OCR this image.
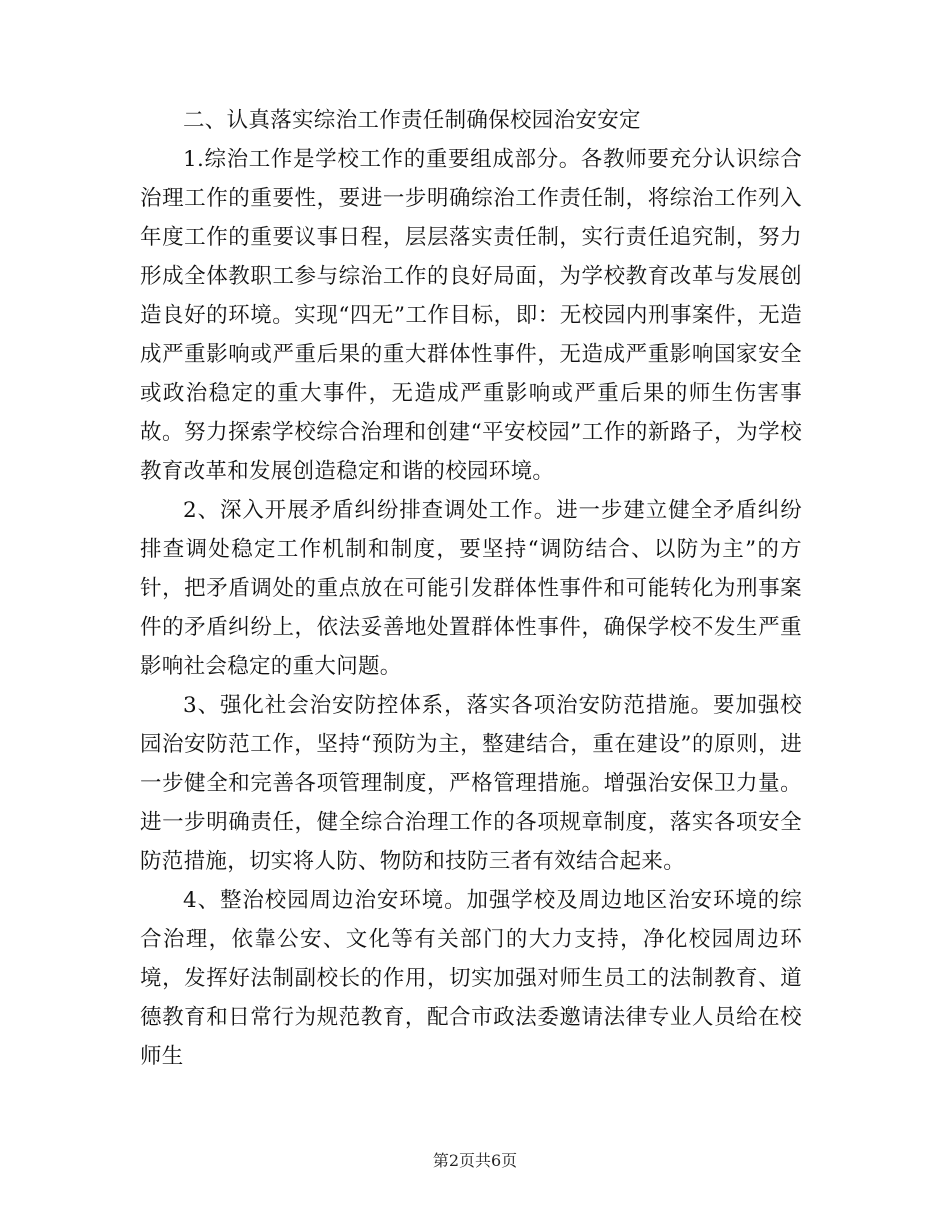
二、认真落实综治工作责任制确保校园治安安定

1.综治工作是学校工作的重要组成部分。各教师要充分认识综合治理工作的重要性，要进一步明确综治工作责任制，将综治工作列入年度工作的重要议事日程，层层落实责任制，实行责任追究制，努力形成全体教职工参与综治工作的良好局面，为学校教育改革与发展创造良好的环境。实现“四无”工作目标，即：无校园内刑事案件，无造成严重影响或严重后果的重大群体性事件，无造成严重影响国家安全或政治稳定的重大事件，无造成严重影响或严重后果的师生伤害事故。努力探索学校综合治理和创建“平安校园”工作的新路子，为学校教育改革和发展创造稳定和谐的校园环境。

2、深入开展矛盾纠纷排查调处工作。进一步建立健全矛盾纠纷排查调处稳定工作机制和制度，要坚持“调防结合、以防为主”的方针，把矛盾调处的重点放在可能引发群体性事件和可能转化为刑事案件的矛盾纠纷上，依法妥善地处置群体性事件，确保学校不发生严重影响社会稳定的重大问题。

3、强化社会治安防控体系，落实各项治安防范措施。要加强校园治安防范工作，坚持“预防为主，整建结合，重在建设”的原则，进一步健全和完善各项管理制度，严格管理措施。增强治安保卫力量。进一步明确责任，健全综合治理工作的各项规章制度，落实各项安全防范措施，切实将人防、物防和技防三者有效结合起来。

4、整治校园周边治安环境。加强学校及周边地区治安环境的综合治理，依靠公安、文化等有关部门的大力支持，净化校园周边环境，发挥好法制副校长的作用，切实加强对师生员工的法制教育、道德教育和日常行为规范教育，配合市政法委邀请法律专业人员给在校师生

第2页共6页
